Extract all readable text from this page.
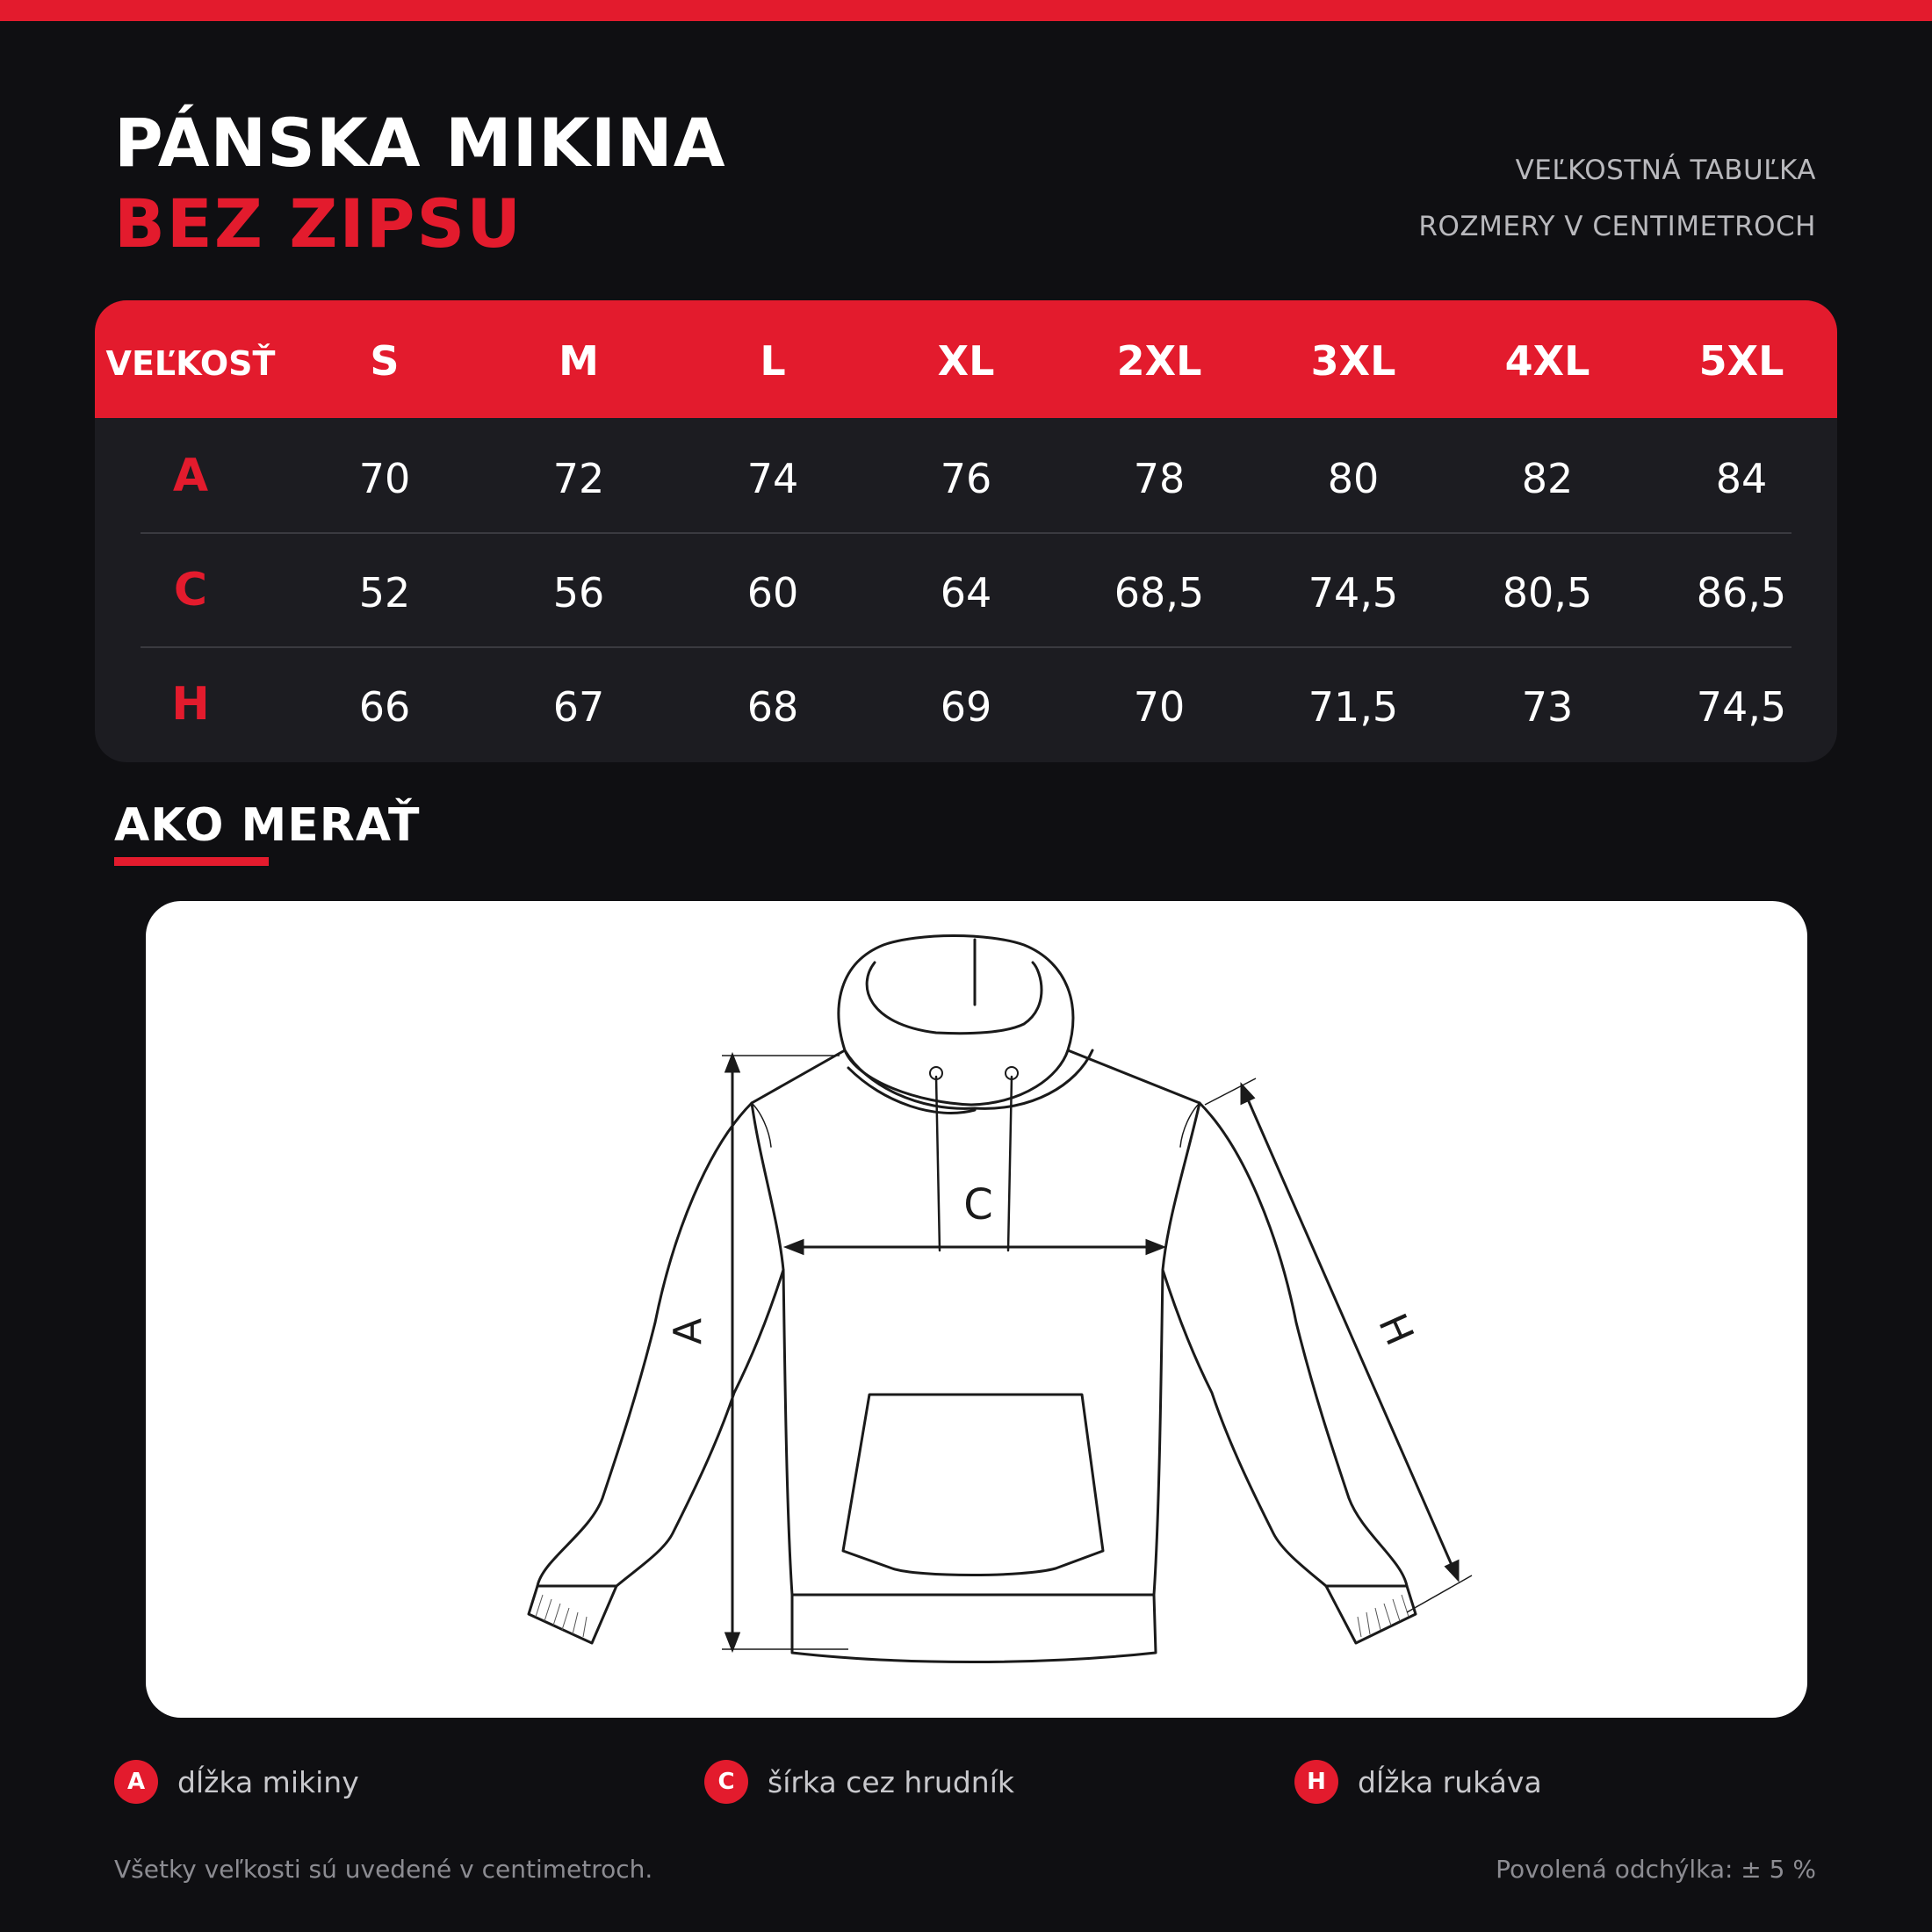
PÁNSKA MIKINA
BEZ ZIPSU
VEĽKOSTNÁ TABUĽKA
ROZMERY V CENTIMETROCH
VEĽKOSŤ	S	M	L	XL	2XL	3XL	4XL	5XL
A	70	72	74	76	78	80	82	84
C	52	56	60	64	68,5	74,5	80,5	86,5
H	66	67	68	69	70	71,5	73	74,5
AKO MERAŤ
A
C
H
A	dĺžka mikiny	C	šírka cez hrudník	H	dĺžka rukáva
Všetky veľkosti sú uvedené v centimetroch.	Povolená odchýlka: ± 5 %
